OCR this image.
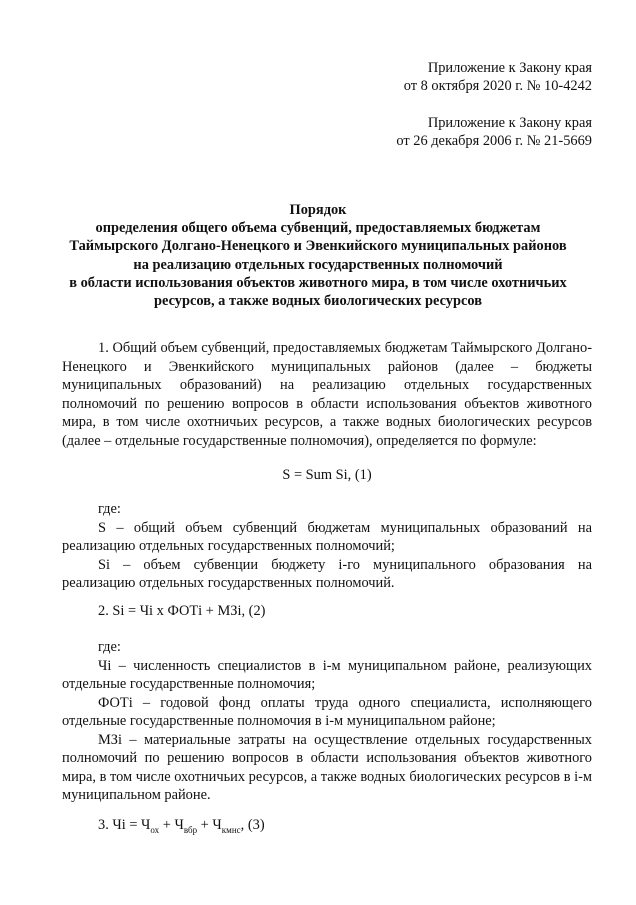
Приложение к Закону края
от 8 октября 2020 г. № 10-4242
Приложение к Закону края
от 26 декабря 2006 г. № 21-5669
Порядок
определения общего объема субвенций, предоставляемых бюджетам
Таймырского Долгано-Ненецкого и Эвенкийского муниципальных районов
на реализацию отдельных государственных полномочий
в области использования объектов животного мира, в том числе охотничьих
ресурсов, а также водных биологических ресурсов

1. Общий объем субвенций, предоставляемых бюджетам Таймырского Долгано-Ненецкого и Эвенкийского муниципальных районов (далее – бюджеты муниципальных образований) на реализацию отдельных государственных полномочий по решению вопросов в области использования объектов животного мира, в том числе охотничьих ресурсов, а также водных биологических ресурсов (далее – отдельные государственные полномочия), определяется по формуле:

S = Sum Si, (1)

где:

S – общий объем субвенций бюджетам муниципальных образований на реализацию отдельных государственных полномочий;

Si – объем субвенции бюджету i-го муниципального образования на реализацию отдельных государственных полномочий.

2. Si = Чi х ФОТi + МЗi, (2)

где:

Чi – численность специалистов в i-м муниципальном районе, реализующих отдельные государственные полномочия;

ФОТi – годовой фонд оплаты труда одного специалиста, исполняющего отдельные государственные полномочия в i-м муниципальном районе;

МЗi – материальные затраты на осуществление отдельных государственных полномочий по решению вопросов в области использования объектов животного мира, в том числе охотничьих ресурсов, а также водных биологических ресурсов в i-м муниципальном районе.

3. Чi = $Ч_{ох} + Ч_{вбр} + Ч_{кмнс}$, (3)
